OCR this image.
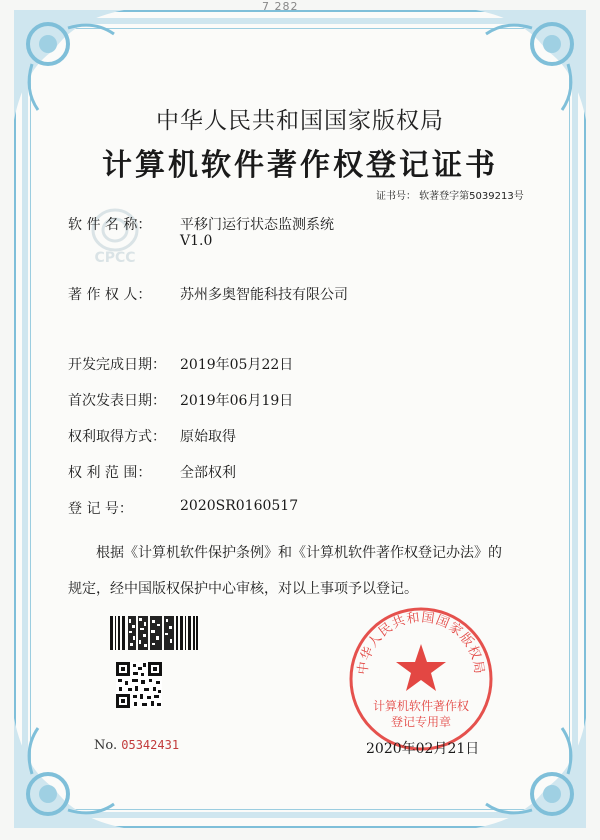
7 282
CPCC
中华人民共和国国家版权局
计算机软件著作权登记证书
证书号： 软著登字第5039213号
软 件 名 称： 平移门运行状态监测系统
V1.0
著 作 权 人： 苏州多奥智能科技有限公司
开发完成日期： 2019年05月22日
首次发表日期： 2019年06月19日
权利取得方式： 原始取得
权 利 范 围： 全部权利
登 记 号：	2020SR0160517
根据《计算机软件保护条例》和《计算机软件著作权登记办法》的
规定，经中国版权保护中心审核，对以上事项予以登记。
No. 05342431
中华人民共和国国家版权局
计算机软件著作权
登记专用章
2020年02月21日
